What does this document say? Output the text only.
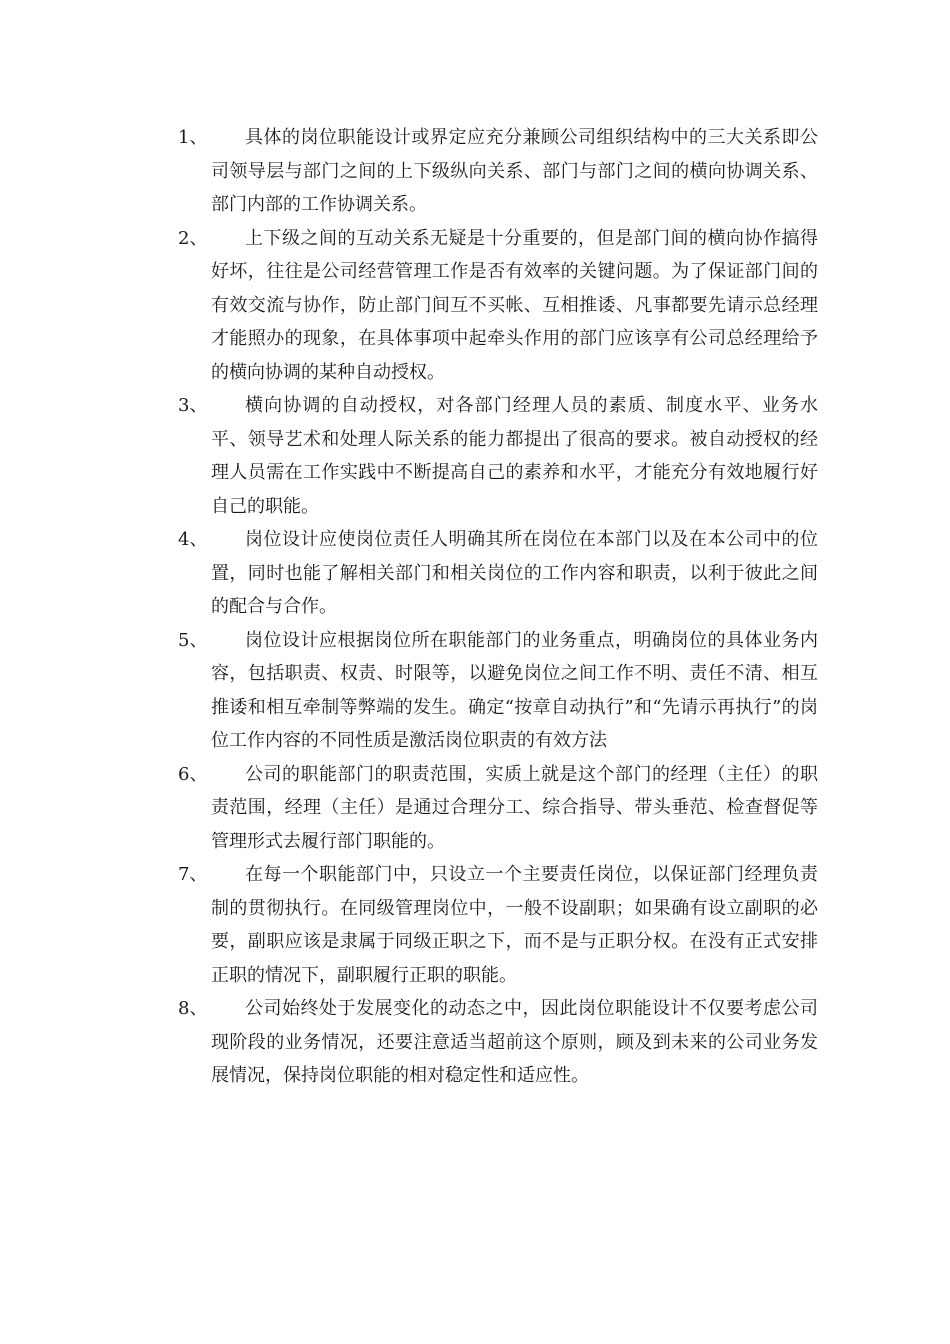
1、	具体的岗位职能设计或界定应充分兼顾公司组织结构中的三大关系即公司领导层与部门之间的上下级纵向关系、部门与部门之间的横向协调关系、部门内部的工作协调关系。

2、	上下级之间的互动关系无疑是十分重要的，但是部门间的横向协作搞得好坏，往往是公司经营管理工作是否有效率的关键问题。为了保证部门间的有效交流与协作，防止部门间互不买帐、互相推诿、凡事都要先请示总经理才能照办的现象，在具体事项中起牵头作用的部门应该享有公司总经理给予的横向协调的某种自动授权。

3、	横向协调的自动授权，对各部门经理人员的素质、制度水平、业务水平、领导艺术和处理人际关系的能力都提出了很高的要求。被自动授权的经理人员需在工作实践中不断提高自己的素养和水平，才能充分有效地履行好自己的职能。

4、	岗位设计应使岗位责任人明确其所在岗位在本部门以及在本公司中的位置，同时也能了解相关部门和相关岗位的工作内容和职责，以利于彼此之间的配合与合作。

5、	岗位设计应根据岗位所在职能部门的业务重点，明确岗位的具体业务内容，包括职责、权责、时限等，以避免岗位之间工作不明、责任不清、相互推诿和相互牵制等弊端的发生。确定“按章自动执行”和“先请示再执行”的岗位工作内容的不同性质是激活岗位职责的有效方法

6、	公司的职能部门的职责范围，实质上就是这个部门的经理（主任）的职责范围，经理（主任）是通过合理分工、综合指导、带头垂范、检查督促等管理形式去履行部门职能的。

7、	在每一个职能部门中，只设立一个主要责任岗位，以保证部门经理负责制的贯彻执行。在同级管理岗位中，一般不设副职；如果确有设立副职的必要，副职应该是隶属于同级正职之下，而不是与正职分权。在没有正式安排正职的情况下，副职履行正职的职能。

8、	公司始终处于发展变化的动态之中，因此岗位职能设计不仅要考虑公司现阶段的业务情况，还要注意适当超前这个原则，顾及到未来的公司业务发展情况，保持岗位职能的相对稳定性和适应性。
